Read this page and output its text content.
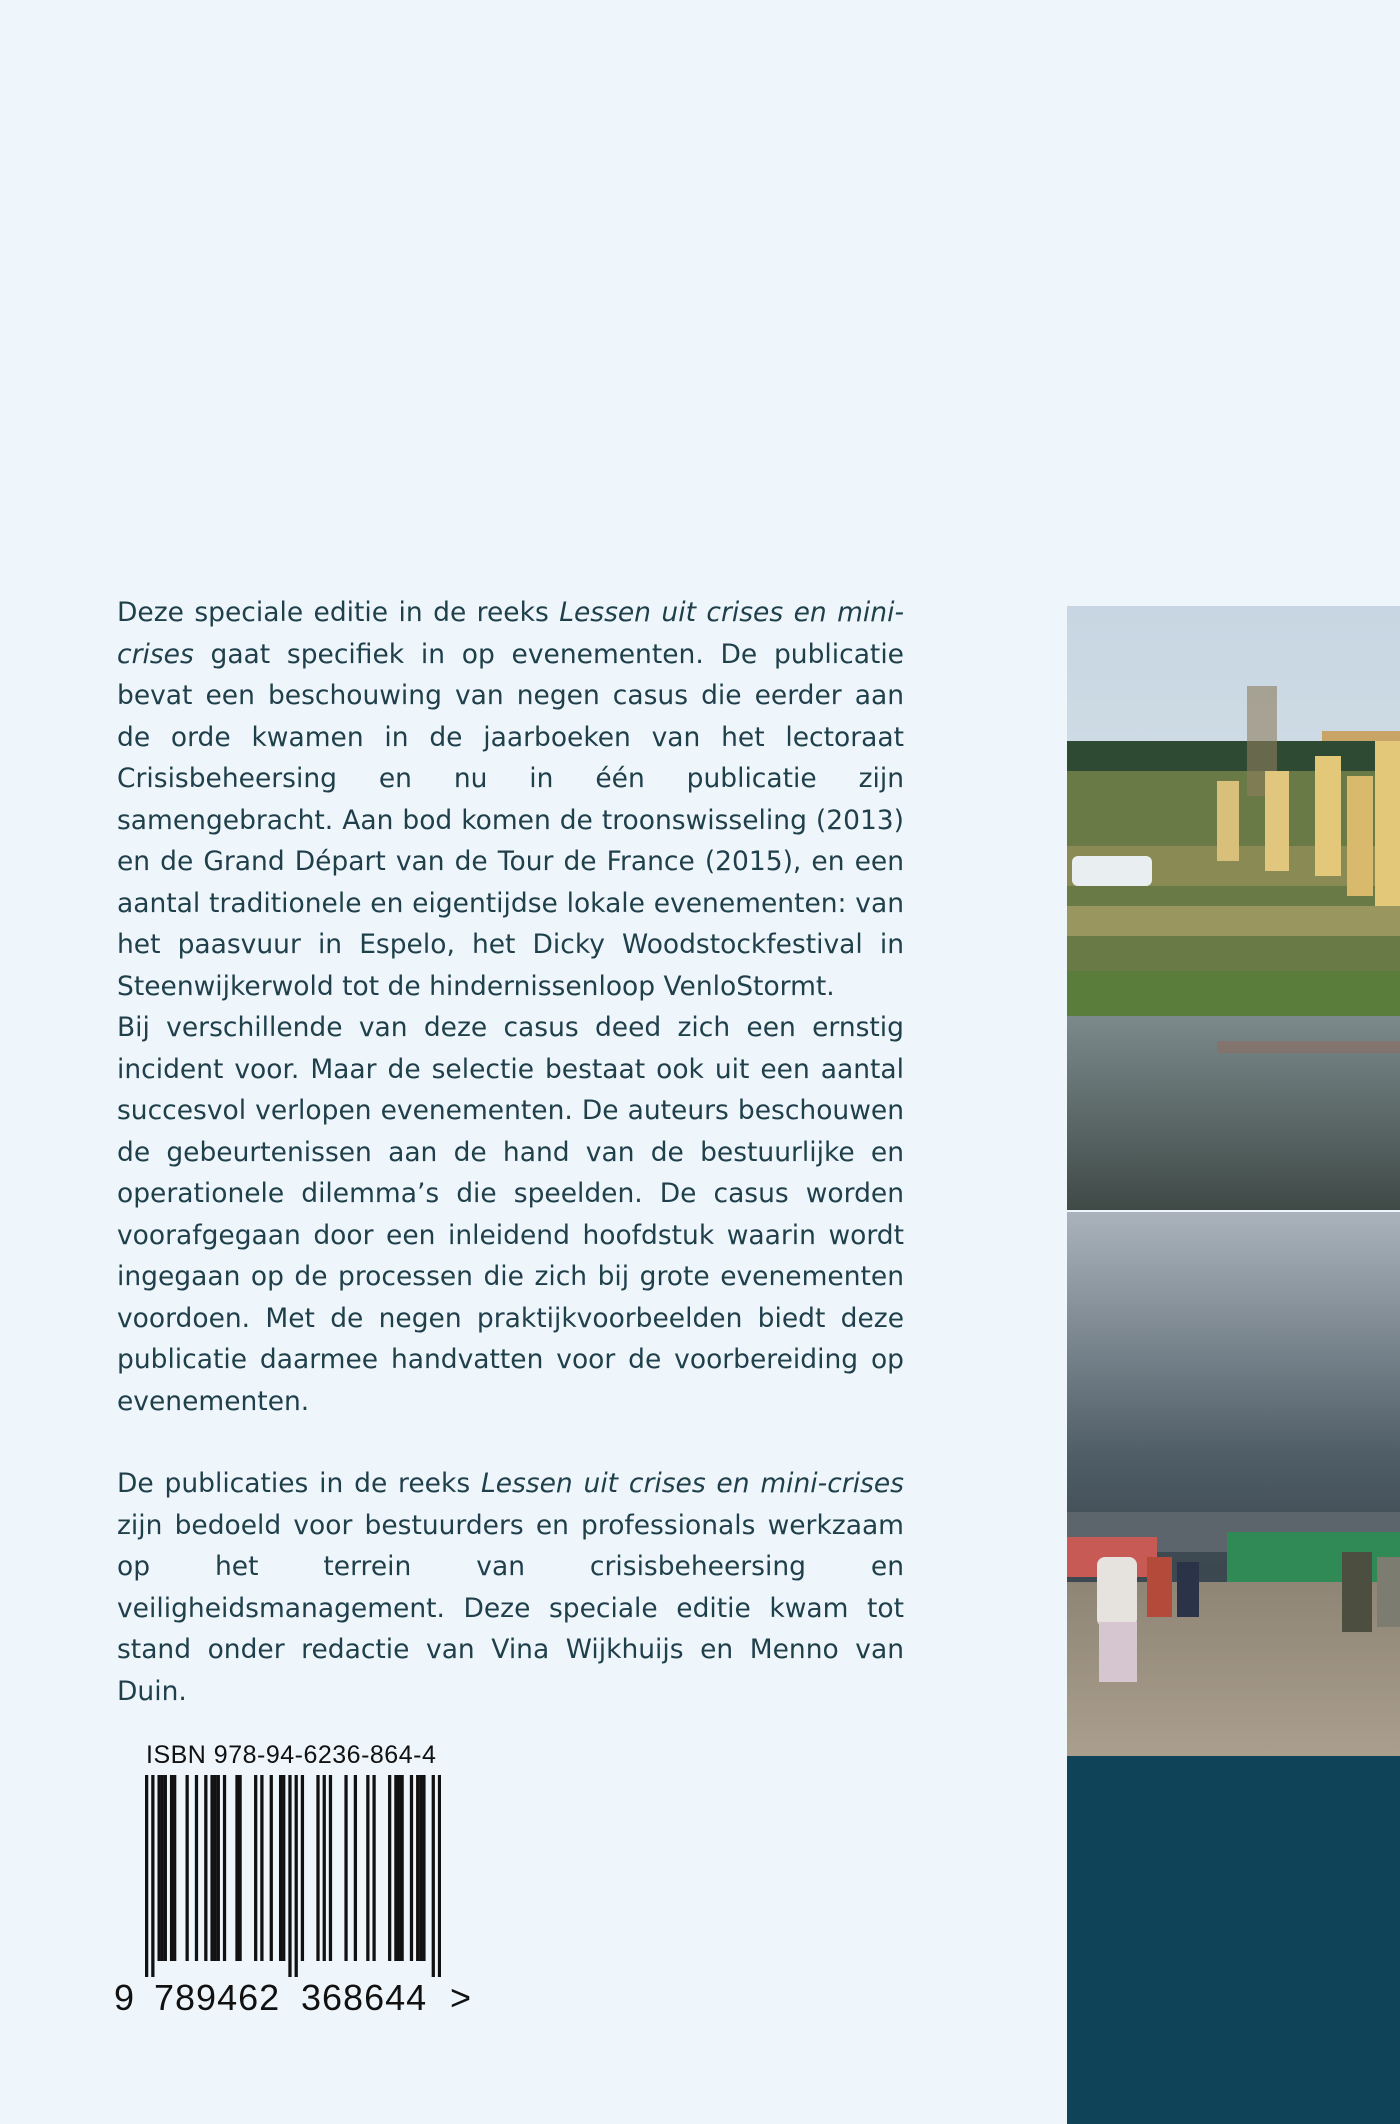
Deze speciale editie in de reeks Lessen uit crises en mini-crises gaat specifiek in op evenementen. De publicatie bevat een beschouwing van negen casus die eerder aan de orde kwamen in de jaarboeken van het lectoraat Crisisbeheersing en nu in één publicatie zijn samengebracht. Aan bod komen de troonswisseling (2013) en de Grand Départ van de Tour de France (2015), en een aantal traditionele en eigentijdse lokale evenementen: van het paasvuur in Espelo, het Dicky Woodstockfestival in Steenwijkerwold tot de hindernissenloop VenloStormt.

Bij verschillende van deze casus deed zich een ernstig incident voor. Maar de selectie bestaat ook uit een aantal succesvol verlopen evenementen. De auteurs beschouwen de gebeurtenissen aan de hand van de bestuurlijke en operationele dilemma’s die speelden. De casus worden voorafgegaan door een inleidend hoofdstuk waarin wordt ingegaan op de processen die zich bij grote evenementen voordoen. Met de negen praktijkvoorbeelden biedt deze publicatie daarmee handvatten voor de voorbereiding op evenementen.

De publicaties in de reeks Lessen uit crises en mini-crises zijn bedoeld voor bestuurders en professionals werkzaam op het terrein van crisisbeheersing en veiligheidsmanagement. Deze speciale editie kwam tot stand onder redactie van Vina Wijkhuijs en Menno van Duin.

ISBN 978-94-6236-864-4
9 789462 368644 >
